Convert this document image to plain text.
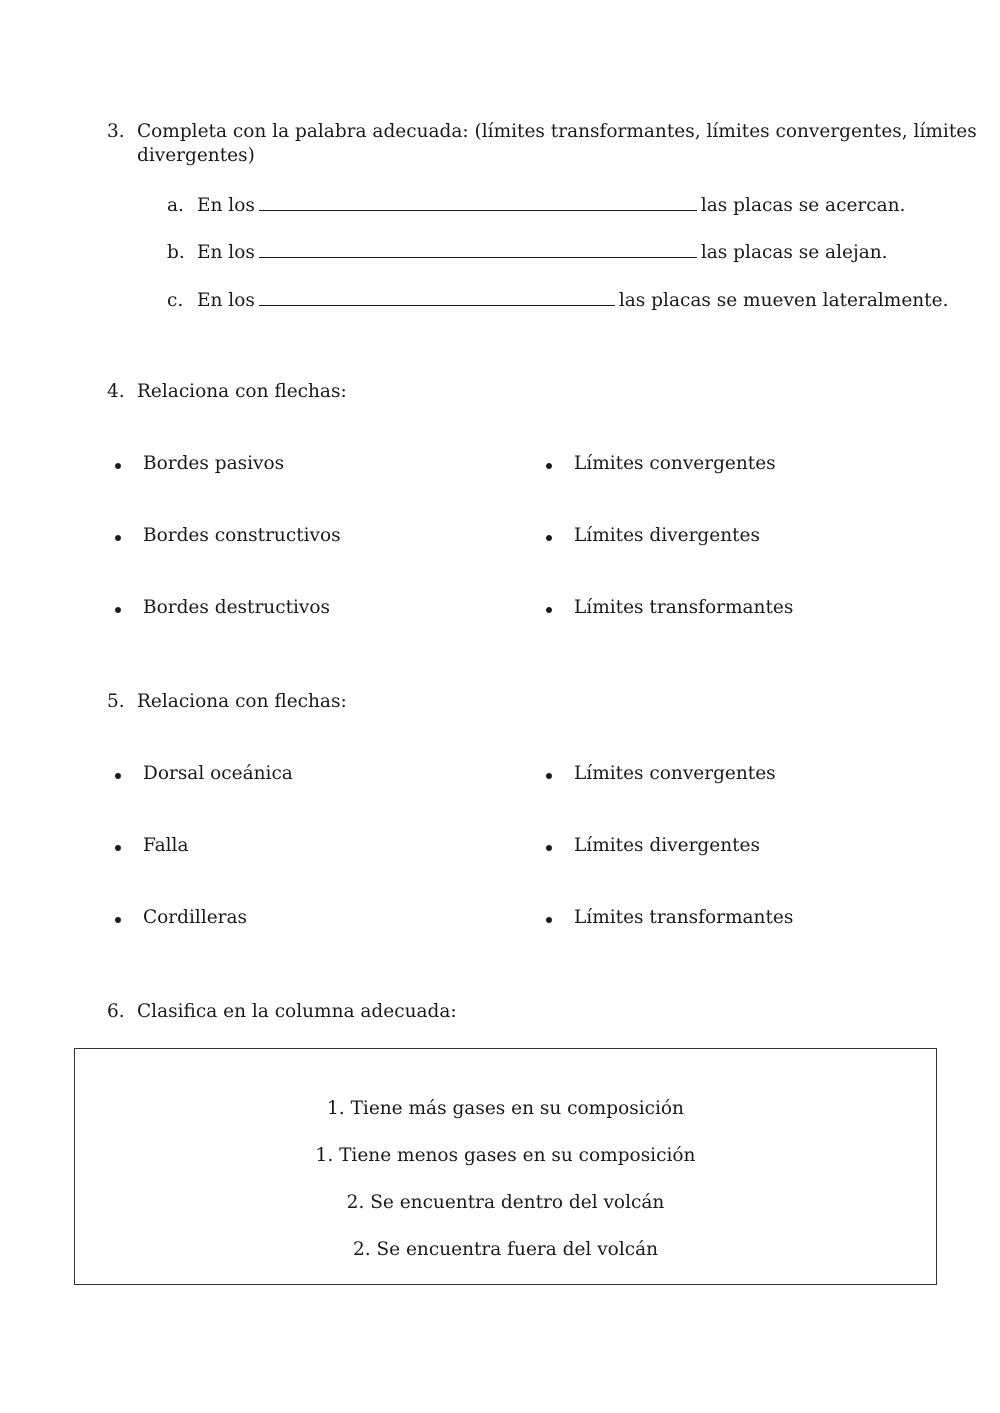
3. Completa con la palabra adecuada: (límites transformantes, límites convergentes, límites
divergentes)
a. En los	las placas se acercan.
b. En los	las placas se alejan.
c. En los	las placas se mueven lateralmente.
4. Relaciona con flechas:
Bordes pasivos	Límites convergentes
Bordes constructivos	Límites divergentes
Bordes destructivos	Límites transformantes
5. Relaciona con flechas:
Dorsal oceánica	Límites convergentes
Falla	Límites divergentes
Cordilleras	Límites transformantes
6. Clasifica en la columna adecuada:
1. Tiene más gases en su composición
1. Tiene menos gases en su composición
2. Se encuentra dentro del volcán
2. Se encuentra fuera del volcán
